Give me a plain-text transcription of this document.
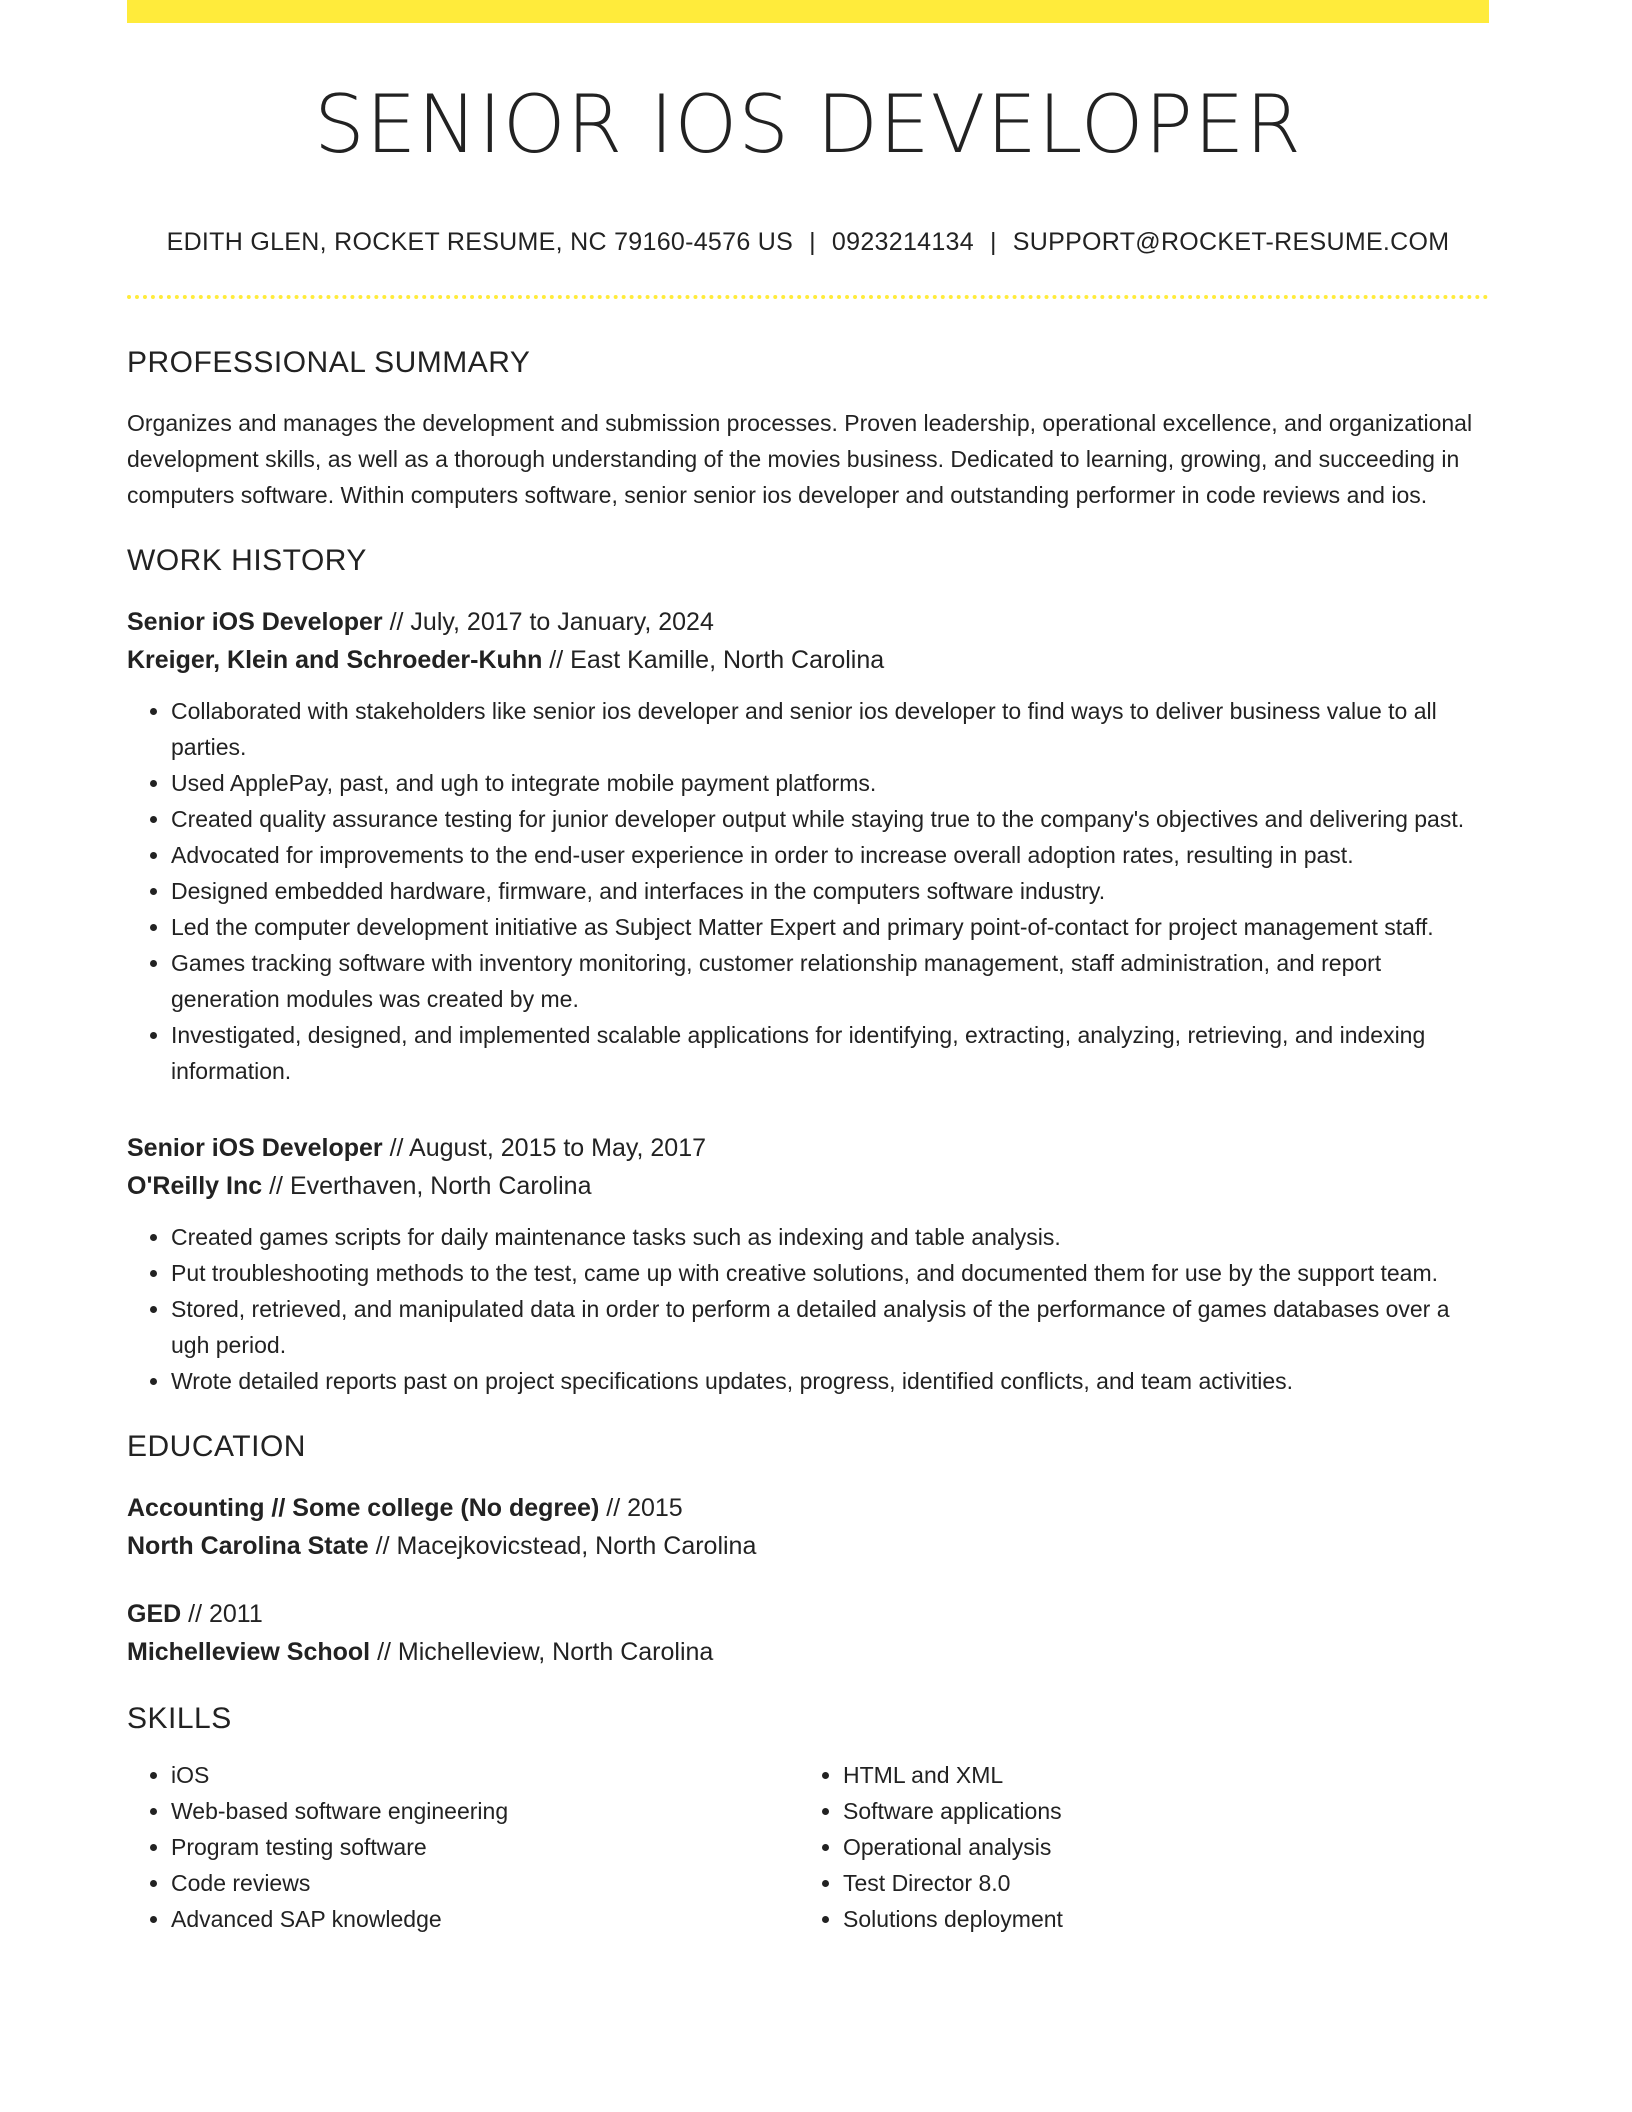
SENIOR IOS DEVELOPER
EDITH GLEN, ROCKET RESUME, NC 79160-4576 US | 0923214134 | SUPPORT@ROCKET-RESUME.COM
PROFESSIONAL SUMMARY

Organizes and manages the development and submission processes. Proven leadership, operational excellence, and organizational development skills, as well as a thorough understanding of the movies business. Dedicated to learning, growing, and succeeding in computers software. Within computers software, senior senior ios developer and outstanding performer in code reviews and ios.

WORK HISTORY
Senior iOS Developer // July, 2017 to January, 2024
Kreiger, Klein and Schroeder-Kuhn // East Kamille, North Carolina
• Collaborated with stakeholders like senior ios developer and senior ios developer to find ways to deliver business value to all parties.
• Used ApplePay, past, and ugh to integrate mobile payment platforms.
• Created quality assurance testing for junior developer output while staying true to the company's objectives and delivering past.
• Advocated for improvements to the end-user experience in order to increase overall adoption rates, resulting in past.
• Designed embedded hardware, firmware, and interfaces in the computers software industry.
• Led the computer development initiative as Subject Matter Expert and primary point-of-contact for project management staff.
• Games tracking software with inventory monitoring, customer relationship management, staff administration, and report generation modules was created by me.
• Investigated, designed, and implemented scalable applications for identifying, extracting, analyzing, retrieving, and indexing information.
Senior iOS Developer // August, 2015 to May, 2017
O'Reilly Inc // Everthaven, North Carolina
• Created games scripts for daily maintenance tasks such as indexing and table analysis.
• Put troubleshooting methods to the test, came up with creative solutions, and documented them for use by the support team.
• Stored, retrieved, and manipulated data in order to perform a detailed analysis of the performance of games databases over a ugh period.
• Wrote detailed reports past on project specifications updates, progress, identified conflicts, and team activities.
EDUCATION
Accounting // Some college (No degree) // 2015
North Carolina State // Macejkovicstead, North Carolina
GED // 2011
Michelleview School // Michelleview, North Carolina
SKILLS
• iOS
• Web-based software engineering
• Program testing software
• Code reviews
• Advanced SAP knowledge
• HTML and XML
• Software applications
• Operational analysis
• Test Director 8.0
• Solutions deployment
